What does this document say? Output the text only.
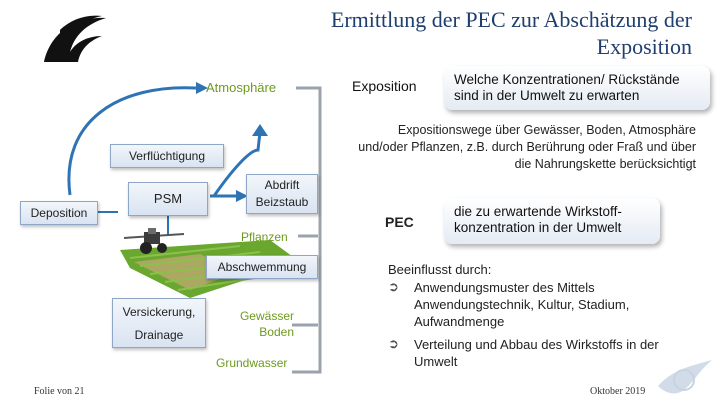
Ermittlung der PEC zur Abschätzung der
Exposition
Atmosphäre
Verflüchtigung
Deposition
PSM
Abdrift
Beizstaub
Pflanzen
Abschwemmung
Versickerung,
Drainage
Gewässer
Boden
Grundwasser
Exposition	Welche Konzentrationen/ Rückstände sind in der Umwelt zu erwarten
Expositionswege über Gewässer, Boden, Atmosphäre und/oder Pflanzen, z.B. durch Berührung oder Fraß und über die Nahrungskette berücksichtigt
PEC
die zu erwartende Wirkstoff-konzentration in der Umwelt
Beeinflusst durch:
➲ Anwendungsmuster des Mittels Anwendungstechnik, Kultur, Stadium, Aufwandmenge
➲ Verteilung und Abbau des Wirkstoffs in der Umwelt
Folie von 21	Oktober 2019
